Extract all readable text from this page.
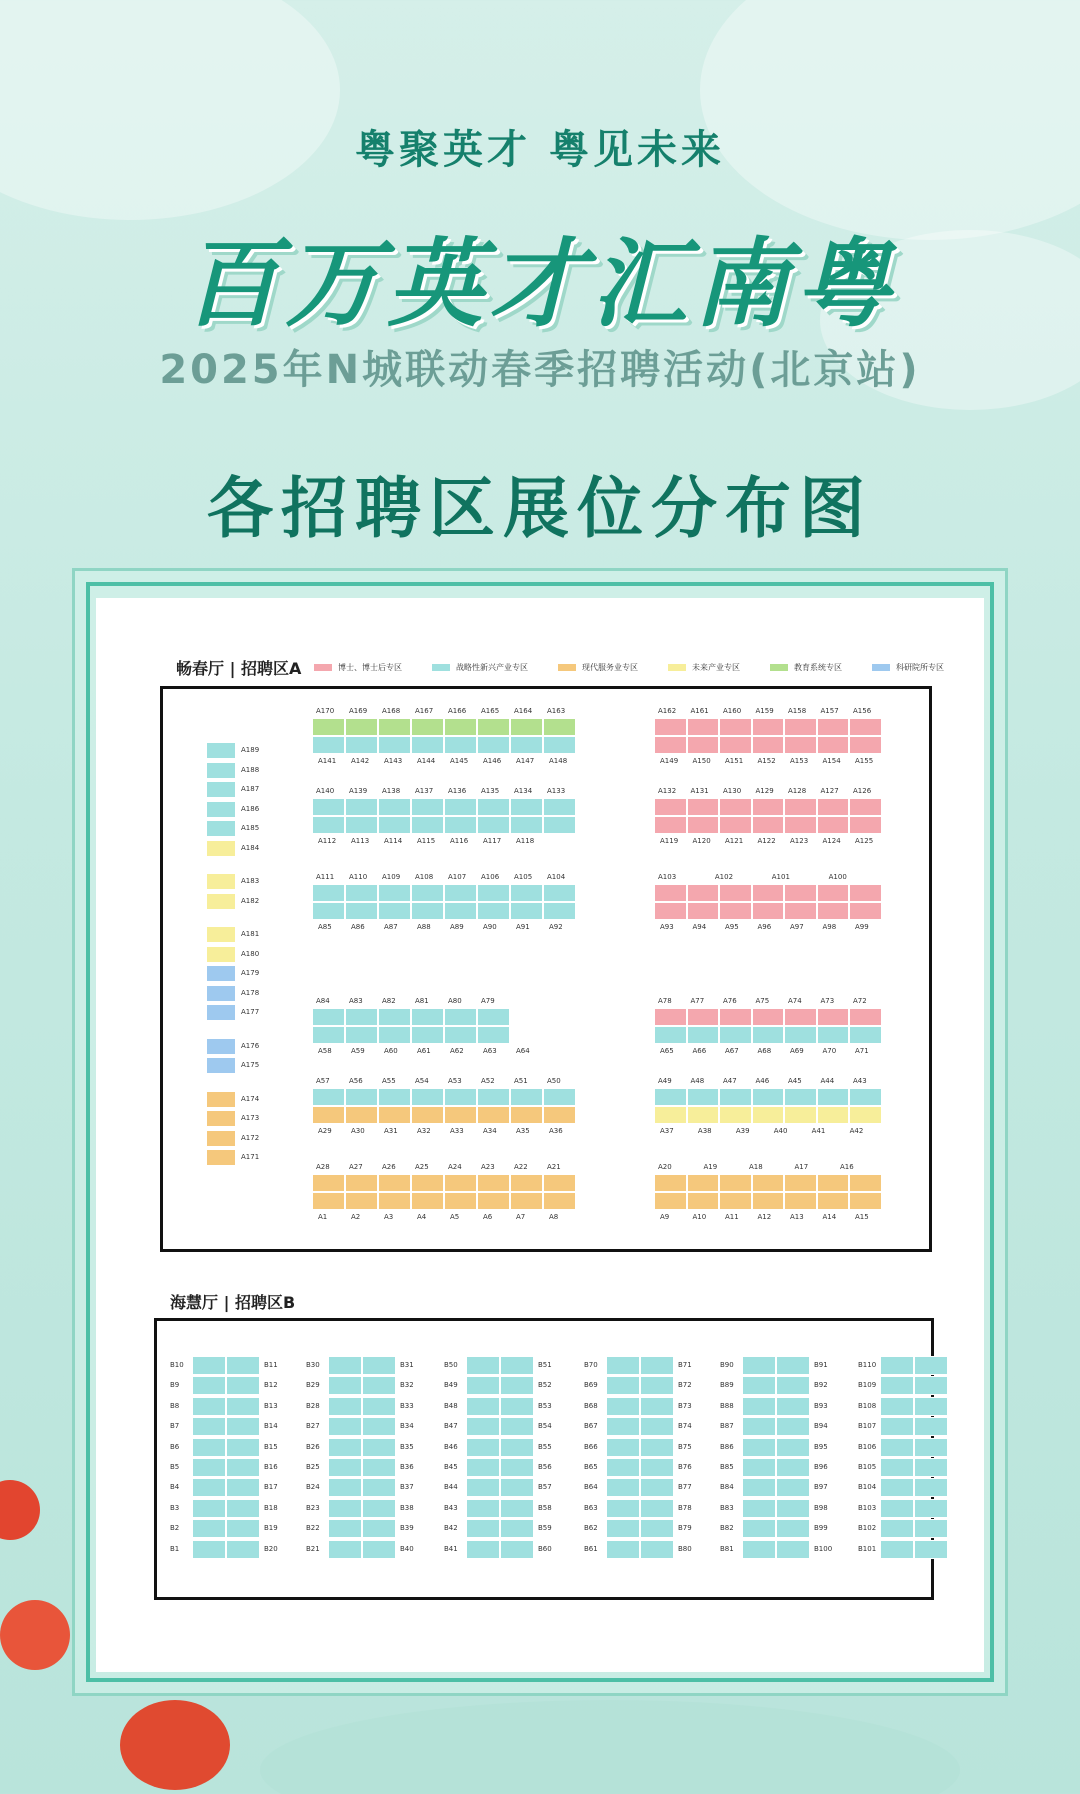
粤聚英才 粤见未来
百万英才汇南粤
2025年N城联动春季招聘活动(北京站)
各招聘区展位分布图
畅春厅 | 招聘区A	博士、博士后专区	战略性新兴产业专区	现代服务业专区	未来产业专区	教育系统专区	科研院所专区
海慧厅 | 招聘区B
A170 A169 A168 A167 A166 A165 A164 A163
A141 A142 A143 A144 A145 A146 A147 A148
A140 A139 A138 A137 A136 A135 A134 A133
A112 A113 A114 A115 A116 A117 A118
A111 A110 A109 A108 A107 A106 A105 A104
A85	A86	A87	A88	A89	A90	A91	A92
A84	A83	A82	A81	A80	A79
A58	A59	A60	A61	A62	A63	A64
A57	A56	A55	A54	A53	A52	A51	A50
A29	A30	A31	A32	A33	A34	A35	A36
A28	A27	A26	A25	A24	A23	A22	A21
A1	A2	A3	A4	A5	A6	A7	A8
A162 A161 A160 A159 A158 A157 A156
A149 A150 A151 A152 A153 A154 A155
A132 A131 A130 A129 A128 A127 A126
A119 A120 A121 A122 A123 A124 A125
A103	A102	A101	A100
A93	A94	A95	A96	A97	A98	A99
A78	A77	A76	A75	A74	A73	A72
A65	A66	A67	A68	A69	A70	A71
A49	A48	A47	A46	A45	A44	A43
A37	A38	A39	A40	A41	A42
A20	A19	A18	A17	A16
A9	A10	A11	A12	A13	A14	A15
A189
A188
A187
A186
A185
A184
A183
A182
A181
A180
A179
A178
A177
A176
A175
A174
A173
A172
A171
B10	B11
B9	B12
B8	B13
B7	B14
B6	B15
B5	B16
B4	B17
B3	B18
B2	B19
B1	B20
B30	B31
B29	B32
B28	B33
B27	B34
B26	B35
B25	B36
B24	B37
B23	B38
B22	B39
B21	B40
B50	B51
B49	B52
B48	B53
B47	B54
B46	B55
B45	B56
B44	B57
B43	B58
B42	B59
B41	B60
B70	B71
B69	B72
B68	B73
B67	B74
B66	B75
B65	B76
B64	B77
B63	B78
B62	B79
B61	B80
B90	B91
B89	B92
B88	B93
B87	B94
B86	B95
B85	B96
B84	B97
B83	B98
B82	B99
B81	B100
B110
B109
B108
B107
B106
B105
B104
B103
B102
B101
